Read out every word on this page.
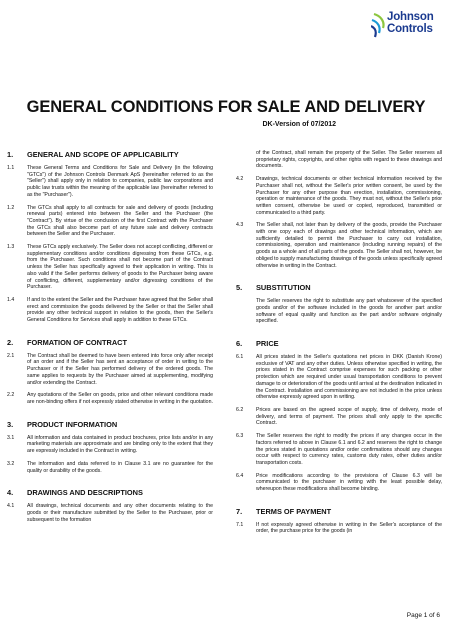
Johnson
Controls
GENERAL CONDITIONS FOR SALE AND DELIVERY
DK-Version of 07/2012
1.	GENERAL AND SCOPE OF APPLICABILITY
1.1	These General Terms and Conditions for Sale and Delivery (in the following "GTCs") of the Johnson Controls Denmark ApS (hereinafter referred to as the "Seller") shall apply only in relation to companies, public law corporations and public law trusts within the meaning of the applicable law (hereinafter referred to as the "Purchaser").
1.2	The GTCs shall apply to all contracts for sale and delivery of goods (including renewal parts) entered into between the Seller and the Purchaser (the "Contract"). By virtue of the conclusion of the first Contract with the Purchaser the GTCs shall also become part of any future sale and delivery contracts between the Seller and the Purchaser.
1.3	These GTCs apply exclusively. The Seller does not accept conflicting, different or supplementary conditions and/or conditions digressing from these GTCs, e.g. from the Purchaser. Such conditions shall not become part of the Contract unless the Seller has specifically agreed to their application in writing. This is also valid if the Seller performs delivery of goods to the Purchaser being aware of conflicting, different, supplementary and/or digressing conditions of the Purchaser.
1.4	If and to the extent the Seller and the Purchaser have agreed that the Seller shall erect and commission the goods delivered by the Seller or that the Seller shall provide any other technical support in relation to the goods, then the Seller's General Conditions for Services shall apply in addition to these GTCs.
2.	FORMATION OF CONTRACT
2.1	The Contract shall be deemed to have been entered into force only after receipt of an order and if the Seller has sent an acceptance of order in writing to the Purchaser or if the Seller has performed delivery of the ordered goods. The same applies to requests by the Purchaser aimed at supplementing, modifying and/or extending the Contract.
2.2	Any quotations of the Seller on goods, price and other relevant conditions made are non-binding offers if not expressly stated otherwise in writing in the quotation.
3.	PRODUCT INFORMATION
3.1	All information and data contained in product brochures, price lists and/or in any marketing materials are approximate and are binding only to the extent that they are expressly included in the Contract in writing.
3.2	The information and data referred to in Clause 3.1 are no guarantee for the quality or durability of the goods.
4.	DRAWINGS AND DESCRIPTIONS
4.1	All drawings, technical documents and any other documents relating to the goods or their manufacture submitted by the Seller to the Purchaser, prior or subsequent to the formation
of the Contract, shall remain the property of the Seller. The Seller reserves all proprietary rights, copyrights, and other rights with regard to these drawings and documents.
4.2	Drawings, technical documents or other technical information received by the Purchaser shall not, without the Seller's prior written consent, be used by the Purchaser for any other purpose than erection, installation, commissioning, operation or maintenance of the goods. They must not, without the Seller's prior written consent, otherwise be used or copied, reproduced, transmitted or communicated to a third party.
4.3	The Seller shall, not later than by delivery of the goods, provide the Purchaser with one copy each of drawings and other technical information, which are sufficiently detailed to permit the Purchaser to carry out installation, commissioning, operation and maintenance (including running repairs) of the goods as a whole and of all parts of the goods. The Seller shall not, however, be obliged to supply manufacturing drawings of the goods unless specifically agreed otherwise in writing in the Contract.
5.	SUBSTITUTION
The Seller reserves the right to substitute any part whatsoever of the specified goods and/or of the software included in the goods for another part and/or software of equal quality and function as the part and/or software originally specified.
6.	PRICE
6.1	All prices stated in the Seller's quotations net prices in DKK (Danish Krone) exclusive of VAT and any other duties. Unless otherwise specified in writing, the prices stated in the Contract comprise expenses for such packing or other protection which are required under usual transportation conditions to prevent damage to or deterioration of the goods until arrival at the destination indicated in the Contract. Installation and commissioning are not included in the price unless otherwise expressly agreed upon in writing.
6.2	Prices are based on the agreed scope of supply, time of delivery, mode of delivery, and terms of payment. The prices shall only apply to the specific Contract.
6.3	The Seller reserves the right to modify the prices if any changes occur in the factors referred to above in Clause 6.1 and 6.2 and reserves the right to change the prices stated in quotations and/or order confirmations should any changes occur with respect to currency rates, customs duty rates, other duties and/or transportation costs.
6.4	Price modifications according to the provisions of Clause 6.3 will be communicated to the purchaser in writing with the least possible delay, whereupon these modifications shall become binding.
7.	TERMS OF PAYMENT
7.1	If not expressly agreed otherwise in writing in the Seller's acceptance of the order, the purchase price for the goods (in
Page 1 of 6
